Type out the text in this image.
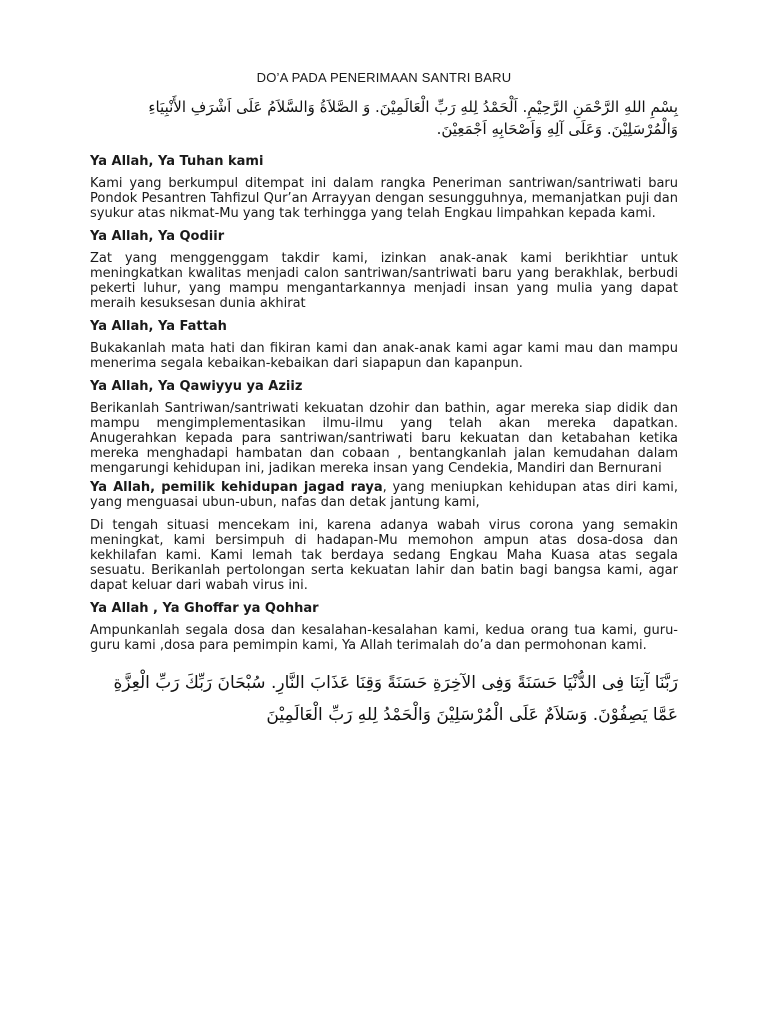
DO’A PADA PENERIMAAN SANTRI BARU
بِسْمِ اللهِ الرَّحْمَنِ الرَّحِيْمِ. اَلْحَمْدُ لِلهِ رَبِّ الْعَالَمِيْنَ. وَ الصَّلاَةُ وَالسَّلاَمُ عَلَى اَشْرَفِ الأَنْبِيَاءِ وَالْمُرْسَلِيْنَ. وَعَلَى آلِهِ وَاَصْحَابِهِ اَجْمَعِيْنَ.
Ya Allah, Ya Tuhan kami
Kami yang berkumpul ditempat ini dalam rangka Peneriman santriwan/santriwati baru Pondok Pesantren Tahfizul Qur’an Arrayyan dengan sesungguhnya, memanjatkan puji dan syukur atas nikmat-Mu yang tak terhingga yang telah Engkau limpahkan kepada kami.
Ya Allah, Ya Qodiir
Zat yang menggenggam takdir kami, izinkan anak-anak kami berikhtiar untuk meningkatkan kwalitas menjadi calon santriwan/santriwati baru yang berakhlak, berbudi pekerti luhur, yang mampu mengantarkannya menjadi insan yang mulia yang dapat meraih kesuksesan dunia akhirat
Ya Allah, Ya Fattah
Bukakanlah mata hati dan fikiran kami dan anak-anak kami agar kami mau dan mampu menerima segala kebaikan-kebaikan dari siapapun dan kapanpun.
Ya Allah, Ya Qawiyyu ya Aziiz
Berikanlah Santriwan/santriwati kekuatan dzohir dan bathin, agar mereka siap didik dan mampu mengimplementasikan ilmu-ilmu yang telah akan mereka dapatkan. Anugerahkan kepada para santriwan/santriwati baru kekuatan dan ketabahan ketika mereka menghadapi hambatan dan cobaan , bentangkanlah jalan kemudahan dalam mengarungi kehidupan ini, jadikan mereka insan yang Cendekia, Mandiri dan Bernurani
Ya Allah, pemilik kehidupan jagad raya, yang meniupkan kehidupan atas diri kami, yang menguasai ubun-ubun, nafas dan detak jantung kami,
Di tengah situasi mencekam ini, karena adanya wabah virus corona yang semakin meningkat, kami bersimpuh di hadapan-Mu memohon ampun atas dosa-dosa dan kekhilafan kami. Kami lemah tak berdaya sedang Engkau Maha Kuasa atas segala sesuatu. Berikanlah pertolongan serta kekuatan lahir dan batin bagi bangsa kami, agar dapat keluar dari wabah virus ini.
Ya Allah , Ya Ghoffar ya Qohhar
Ampunkanlah segala dosa dan kesalahan-kesalahan kami, kedua orang tua kami, guru-guru kami ,dosa para pemimpin kami, Ya Allah terimalah do’a dan permohonan kami.
رَبَّنَا آتِنَا فِى الدُّنْيَا حَسَنَةً وَفِى الآخِرَةِ حَسَنَةً وَقِنَا عَذَابَ النَّارِ. سُبْحَانَ رَبِّكَ رَبِّ الْعِزَّةِ عَمَّا يَصِفُوْنَ. وَسَلاَمٌ عَلَى الْمُرْسَلِيْنَ وَالْحَمْدُ لِلهِ رَبِّ الْعَالَمِيْنَ
